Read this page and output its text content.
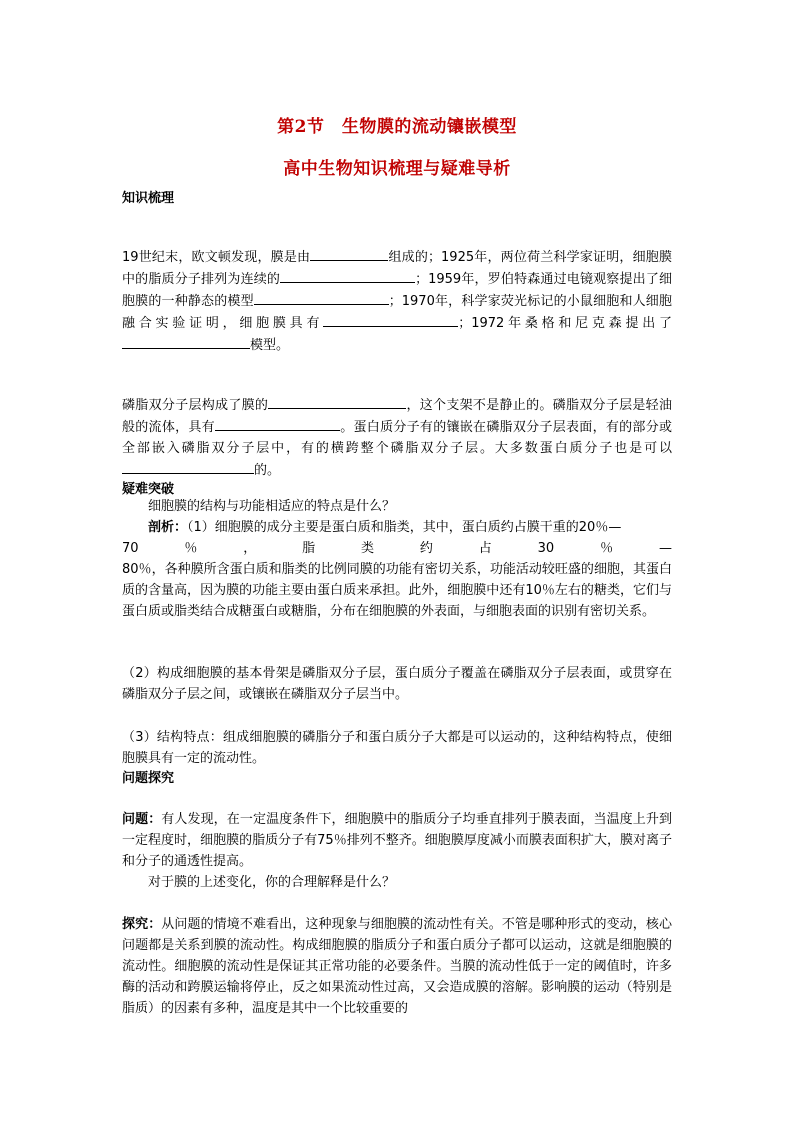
第2节　生物膜的流动镶嵌模型
高中生物知识梳理与疑难导析
知识梳理
19世纪末，欧文顿发现，膜是由	组成的；1925年，两位荷兰科学家证明，细胞膜中的脂质分子排列为连续的	；1959年，罗伯特森通过电镜观察提出了细胞膜的一种静态的模型	；1970年，科学家荧光标记的小鼠细胞和人细胞融合实验证明，细胞膜具有	；1972年桑格和尼克森提出了模型。
磷脂双分子层构成了膜的	，这个支架不是静止的。磷脂双分子层是轻油般的流体，具有	。蛋白质分子有的镶嵌在磷脂双分子层表面，有的部分或全部嵌入磷脂双分子层中，有的横跨整个磷脂双分子层。大多数蛋白质分子也是可以的。
疑难突破
细胞膜的结构与功能相适应的特点是什么？
剖析：（1）细胞膜的成分主要是蛋白质和脂类，其中，蛋白质约占膜干重的20％—
70	％	，	脂	类	约	占	30	％	—
80％，各种膜所含蛋白质和脂类的比例同膜的功能有密切关系，功能活动较旺盛的细胞，其蛋白质的含量高，因为膜的功能主要由蛋白质来承担。此外，细胞膜中还有10％左右的糖类，它们与蛋白质或脂类结合成糖蛋白或糖脂，分布在细胞膜的外表面，与细胞表面的识别有密切关系。
（2）构成细胞膜的基本骨架是磷脂双分子层，蛋白质分子覆盖在磷脂双分子层表面，或贯穿在磷脂双分子层之间，或镶嵌在磷脂双分子层当中。
（3）结构特点：组成细胞膜的磷脂分子和蛋白质分子大都是可以运动的，这种结构特点，使细胞膜具有一定的流动性。
问题探究
问题：有人发现，在一定温度条件下，细胞膜中的脂质分子均垂直排列于膜表面，当温度上升到一定程度时，细胞膜的脂质分子有75％排列不整齐。细胞膜厚度减小而膜表面积扩大，膜对离子和分子的通透性提高。
对于膜的上述变化，你的合理解释是什么？
探究：从问题的情境不难看出，这种现象与细胞膜的流动性有关。不管是哪种形式的变动，核心问题都是关系到膜的流动性。构成细胞膜的脂质分子和蛋白质分子都可以运动，这就是细胞膜的流动性。细胞膜的流动性是保证其正常功能的必要条件。当膜的流动性低于一定的阈值时，许多酶的活动和跨膜运输将停止，反之如果流动性过高，又会造成膜的溶解。影响膜的运动（特别是脂质）的因素有多种，温度是其中一个比较重要的
